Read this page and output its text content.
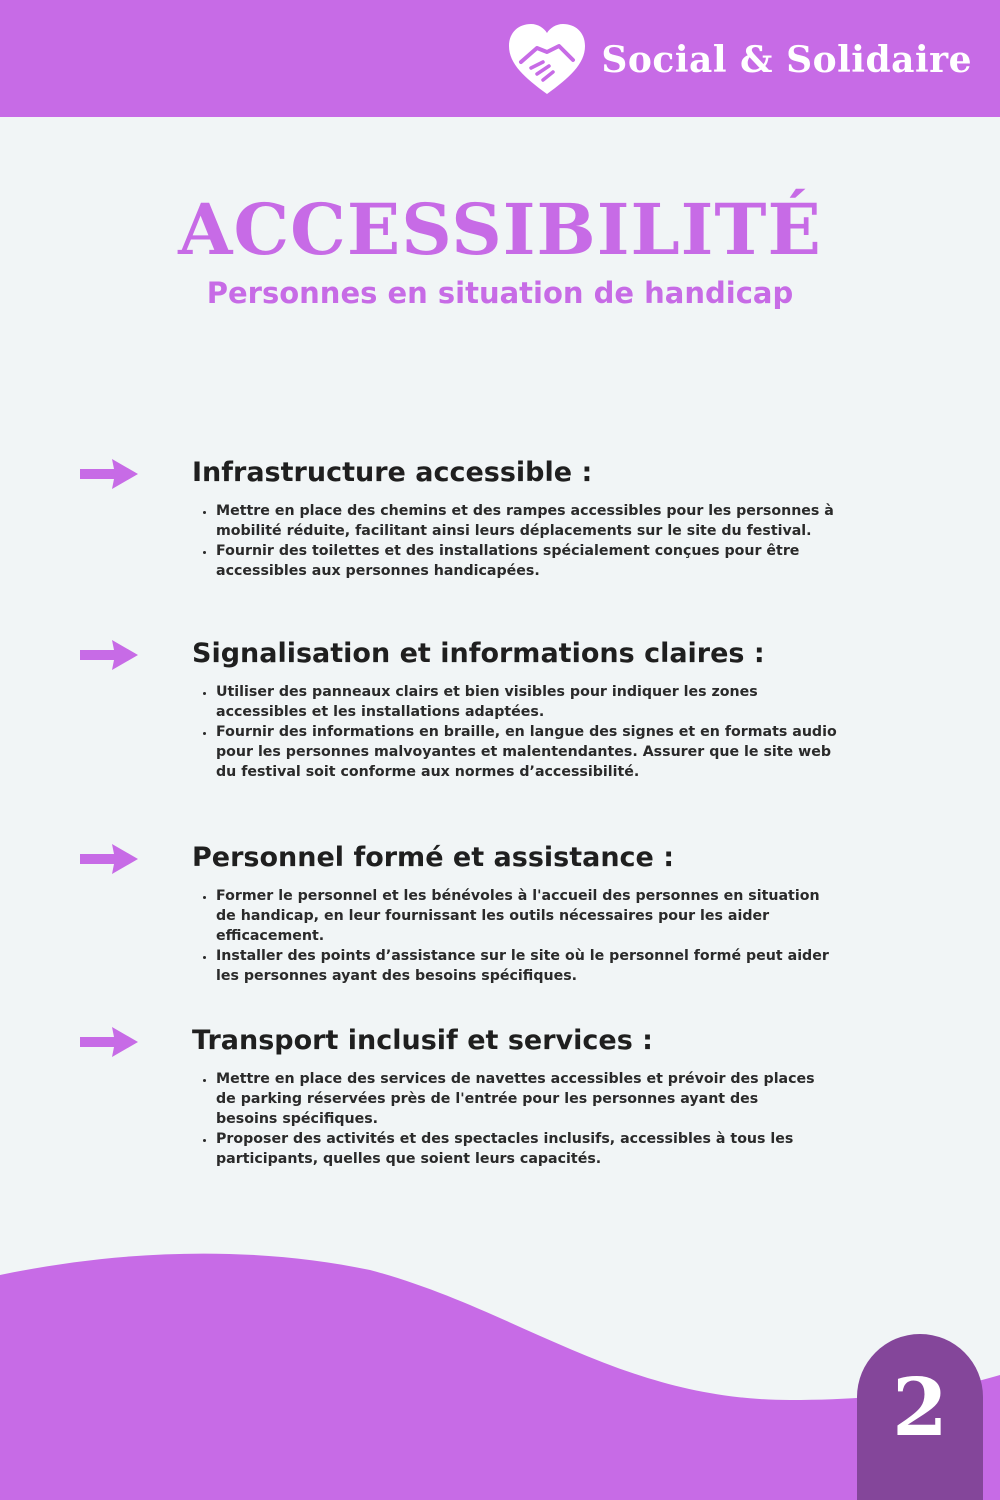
Social & Solidaire
ACCESSIBILITÉ
Personnes en situation de handicap
Infrastructure accessible :
• Mettre en place des chemins et des rampes accessibles pour les personnes à mobilité réduite, facilitant ainsi leurs déplacements sur le site du festival.
• Fournir des toilettes et des installations spécialement conçues pour être accessibles aux personnes handicapées.
Signalisation et informations claires :
• Utiliser des panneaux clairs et bien visibles pour indiquer les zones accessibles et les installations adaptées.
• Fournir des informations en braille, en langue des signes et en formats audio pour les personnes malvoyantes et malentendantes. Assurer que le site web du festival soit conforme aux normes d’accessibilité.
Personnel formé et assistance :
• Former le personnel et les bénévoles à l'accueil des personnes en situation de handicap, en leur fournissant les outils nécessaires pour les aider efficacement.
• Installer des points d’assistance sur le site où le personnel formé peut aider les personnes ayant des besoins spécifiques.
Transport inclusif et services :
• Mettre en place des services de navettes accessibles et prévoir des places de parking réservées près de l'entrée pour les personnes ayant des besoins spécifiques.
• Proposer des activités et des spectacles inclusifs, accessibles à tous les participants, quelles que soient leurs capacités.
2
